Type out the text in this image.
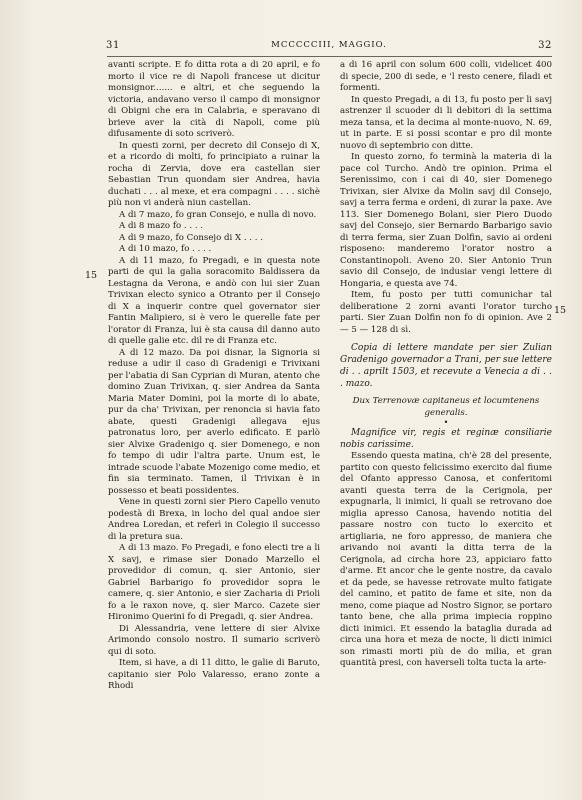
31	MCCCCCIII, MAGGIO.	32
15
15

avanti scripte. E fo ditta rota a di 20 april, e fo morto il vice re di Napoli francese ut dicitur monsignor....... e altri, et che seguendo la victoria, andavano verso il campo di monsignor di Obigni che era in Calabria, e speravano di brieve aver la cità di Napoli, come più difusamente di soto scriverò.

In questi zorni, per decreto dil Consejo di X, et a ricordo di molti, fo principiato a ruinar la rocha di Zervia, dove era castellan sier Sebastian Trun quondam sier Andrea, havia duchati . . . al mexe, et era compagni . . . . sichè più non vi anderà niun castellan.

A di 7 mazo, fo gran Consejo, e nulla di novo.

A di 8 mazo fo . . . .

A di 9 mazo, fo Consejo di X . . . .

A di 10 mazo, fo . . . .

A di 11 mazo, fo Pregadi, e in questa note parti de qui la galia soracomito Baldissera da Lestagna da Verona, e andò con lui sier Zuan Trivixan electo synico a Otranto per il Consejo di X a inquerir contre quel governator sier Fantin Malipiero, si è vero le querelle fate per l'orator di Franza, lui è sta causa dil danno auto di quelle galie etc. dil re di Franza etc.

A di 12 mazo. Da poi disnar, la Signoria si reduse a udir il caso di Gradenigi e Trivixani per l'abatia di San Cyprian di Muran, atento che domino Zuan Trivixan, q. sier Andrea da Santa Maria Mater Domini, poi la morte di lo abate, pur da cha' Trivixan, per renoncia si havia fato abate, questi Gradenigi allegava ejus patronatus loro, per averlo edificato. E parlò sier Alvixe Gradenigo q. sier Domenego, e non fo tempo di udir l'altra parte. Unum est, le intrade scuode l'abate Mozenigo come medio, et fin sia terminato. Tamen, il Trivixan è in possesso et beati possidentes.

Vene in questi zorni sier Piero Capello venuto podestà di Brexa, in locho del qual andoe sier Andrea Loredan, et referì in Colegio il successo di la pretura sua.

A di 13 mazo. Fo Pregadi, e fono electi tre a li X savj, e rimase sier Donado Marzello el provedidor di comun, q. sier Antonio, sier Gabriel Barbarigo fo provedidor sopra le camere, q. sier Antonio, e sier Zacharia di Prioli fo a le raxon nove, q. sier Marco. Cazete sier Hironimo Querini fo di Pregadi, q. sier Andrea.

Di Alessandria, vene lettere di sier Alvixe Arimondo consolo nostro. Il sumario scriverò qui di soto.

Item, si have, a di 11 ditto, le galie di Baruto, capitanio sier Polo Valaresso, erano zonte a Rhodi

a di 16 april con solum 600 colli, videlicet 400 di specie, 200 di sede, e 'l resto cenere, filadi et formenti.

In questo Pregadi, a di 13, fu posto per li savj astrenzer il scuoder di li debitori di la settima meza tansa, et la decima al monte-nuovo, N. 69, ut in parte. E si possi scontar e pro dil monte nuovo di septembrio con ditte.

In questo zorno, fo terminà la materia di la pace col Turcho. Andò tre opinion. Prima el Serenissimo, con i cai di 40, sier Domenego Trivixan, sier Alvixe da Molin savj dil Consejo, savj a terra ferma e ordeni, di zurar la paxe. Ave 113. Sier Domenego Bolani, sier Piero Duodo savj del Consejo, sier Bernardo Barbarigo savio di terra ferma, sier Zuan Dolfin, savio ai ordeni risposeno: manderemo l'orator nostro a Constantinopoli. Aveno 20. Sier Antonio Trun savio dil Consejo, de indusiar vengi lettere di Hongaria, e questa ave 74.

Item, fu posto per tutti comunichar tal deliberatione 2 zorni avanti l'orator turcho parti. Sier Zuan Dolfin non fo di opinion. Ave 2 — 5 — 128 di sì.

Copia di lettere mandate per sier Zulian Gradenigo governador a Trani, per sue lettere di . . aprilt 1503, et recevute a Venecia a di . . . mazo.

Dux Terrenovæ capitaneus et locumtenens generalis.

•

Magnifice vir, regis et reginæ consiliarie nobis carissime.

Essendo questa matina, ch'è 28 del presente, partito con questo felicissimo exercito dal fiume del Ofanto appresso Canosa, et conferitomi avanti questa terra de la Cerignola, per expugnarla, li inimici, li quali se retrovano doe miglia apresso Canosa, havendo notitia del passare nostro con tucto lo exercito et artigliaria, ne foro appresso, de maniera che arivando noi avanti la ditta terra de la Cerignola, ad circha hore 23, appiciaro fatto d'arme. Et ancor che le gente nostre, da cavalo et da pede, se havesse retrovate multo fatigate del camino, et patito de fame et site, non da meno, come piaque ad Nostro Signor, se portaro tanto bene, che alla prima impiecia roppino dicti inimici. Et essendo la bataglia durada ad circa una hora et meza de nocte, li dicti inimici son rimasti morti più de do milia, et gran quantità presi, con haverseli tolta tucta la arte-
